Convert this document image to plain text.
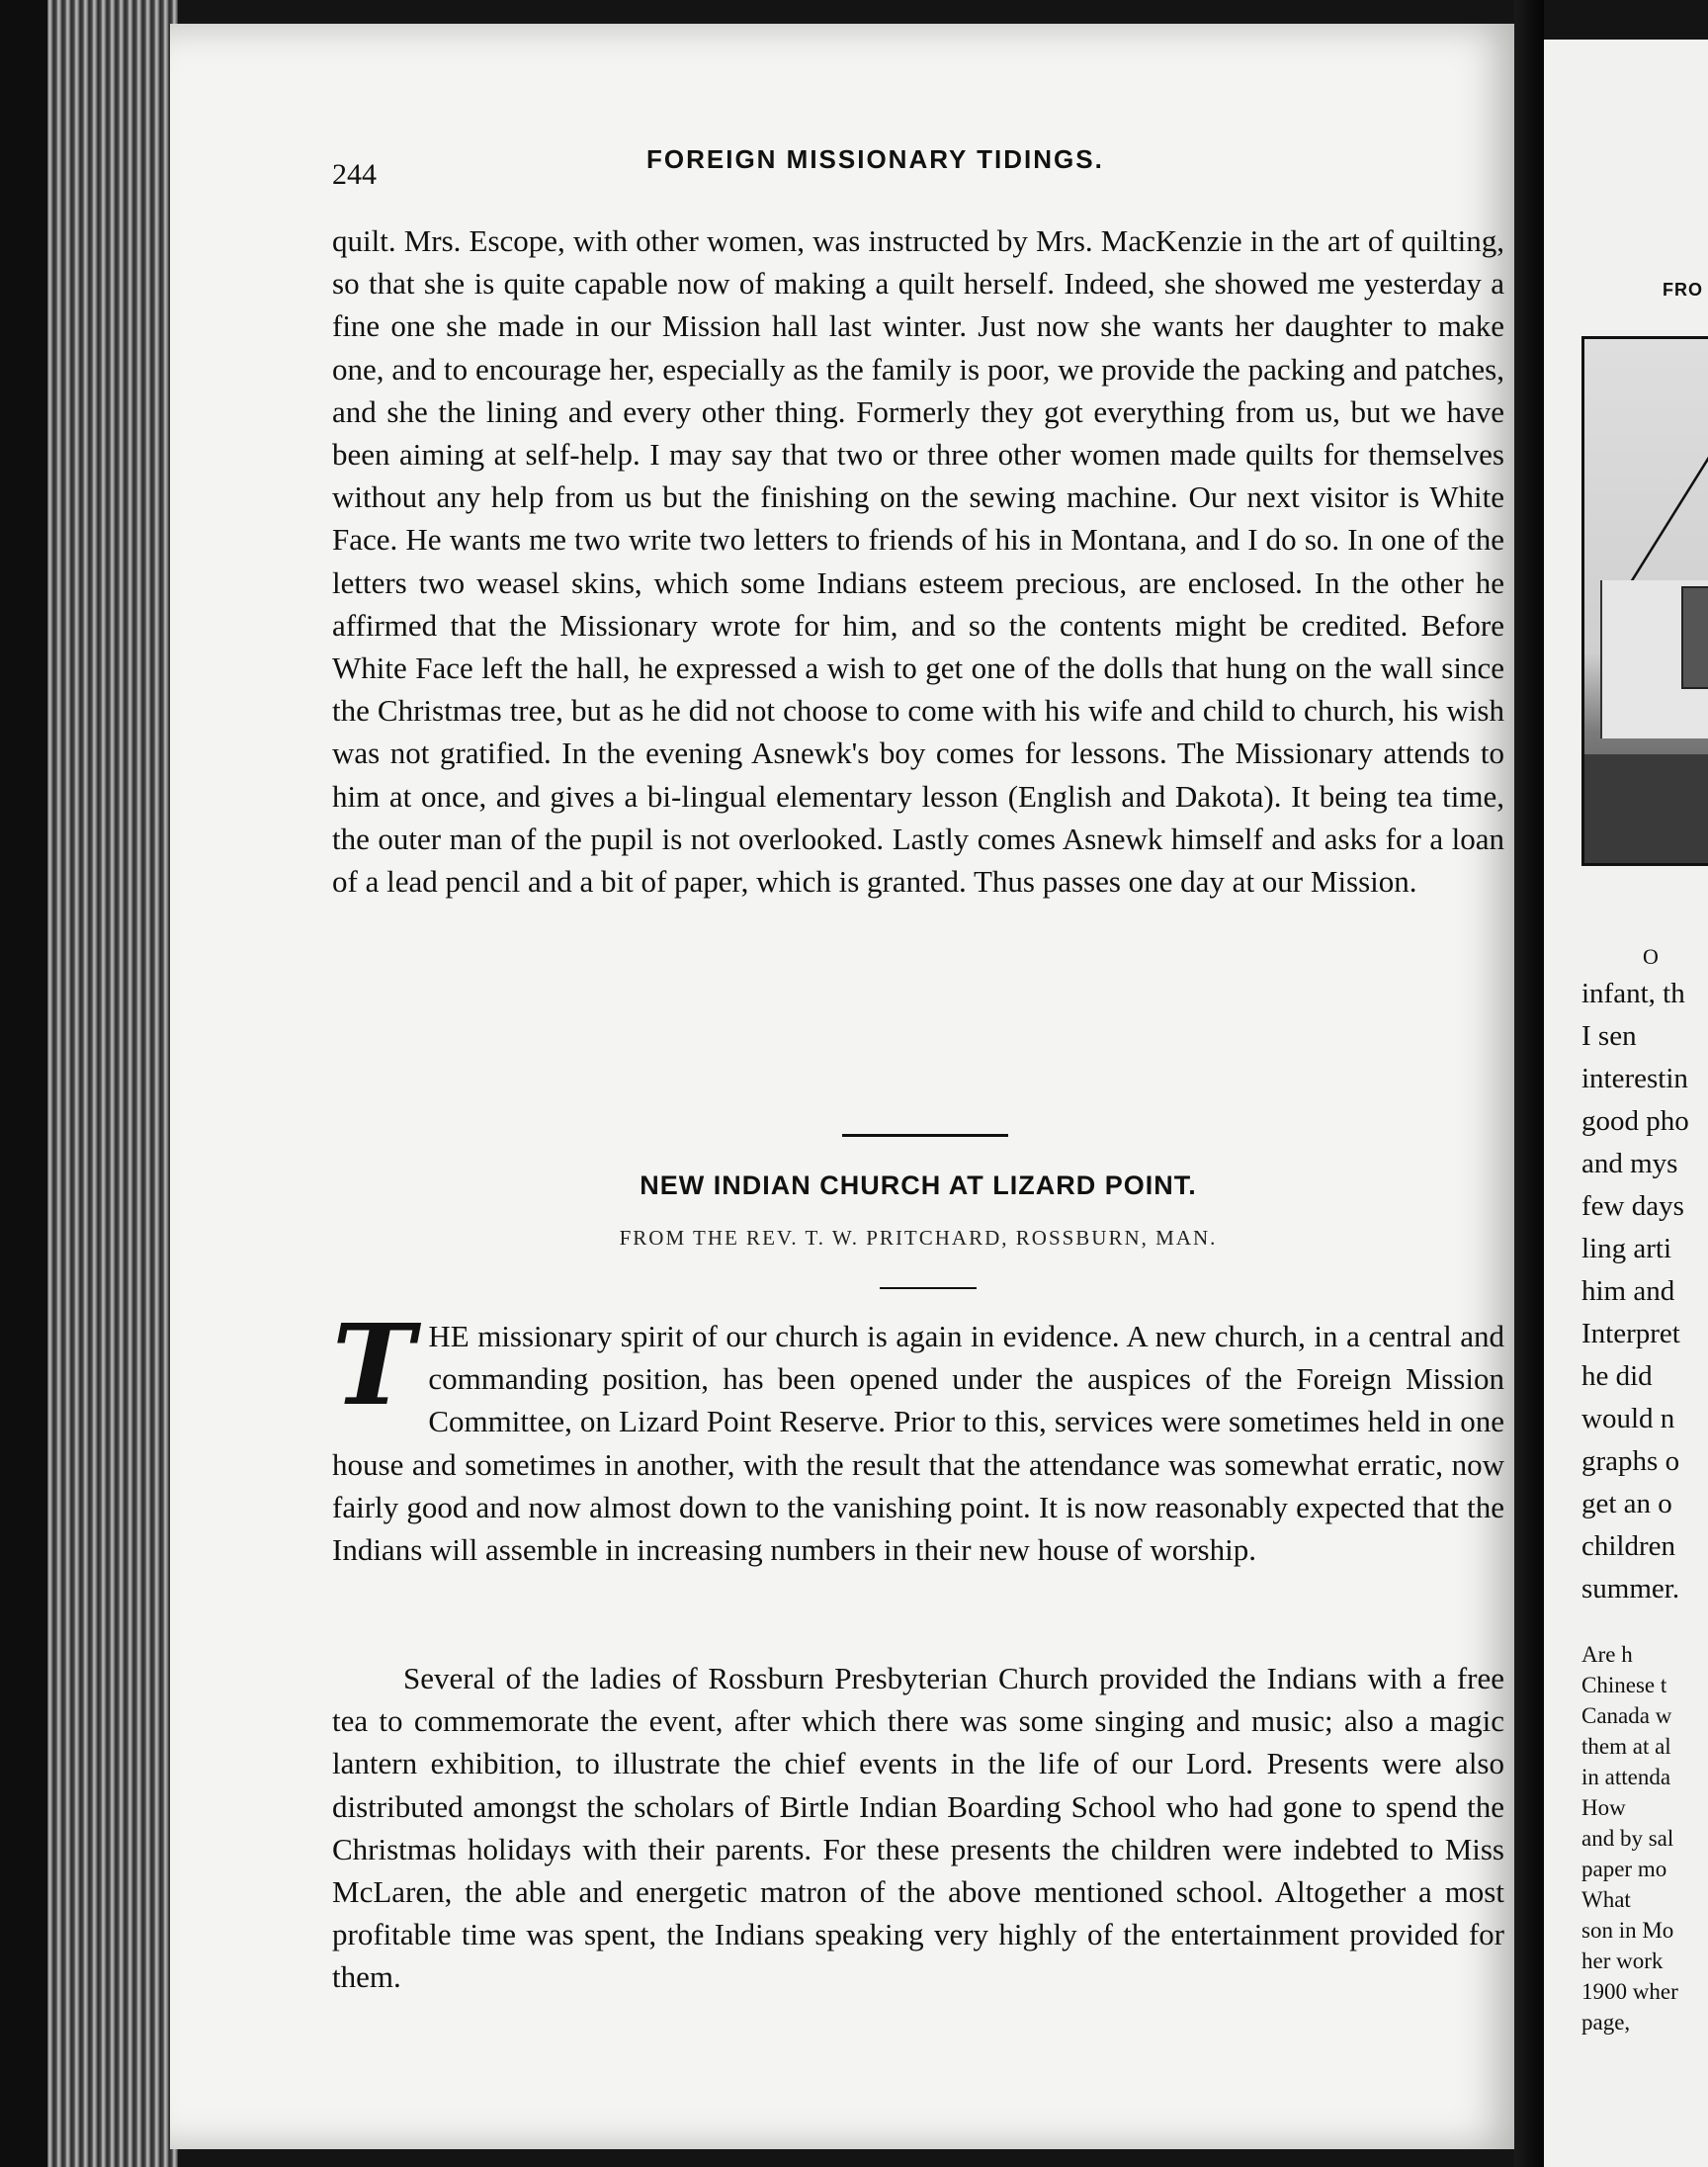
244	FOREIGN MISSIONARY TIDINGS.

quilt. Mrs. Escope, with other women, was instructed by Mrs. MacKenzie in the art of quilting, so that she is quite capable now of making a quilt herself. Indeed, she showed me yesterday a fine one she made in our Mission hall last winter. Just now she wants her daughter to make one, and to encourage her, especially as the family is poor, we provide the packing and patches, and she the lining and every other thing. Formerly they got everything from us, but we have been aiming at self-help. I may say that two or three other women made quilts for themselves without any help from us but the finishing on the sewing machine. Our next visitor is White Face. He wants me two write two letters to friends of his in Montana, and I do so. In one of the letters two weasel skins, which some Indians esteem precious, are enclosed. In the other he affirmed that the Missionary wrote for him, and so the contents might be credited. Before White Face left the hall, he expressed a wish to get one of the dolls that hung on the wall since the Christmas tree, but as he did not choose to come with his wife and child to church, his wish was not gratified. In the evening Asnewk's boy comes for lessons. The Missionary attends to him at once, and gives a bi-lingual elementary lesson (English and Dakota). It being tea time, the outer man of the pupil is not overlooked. Lastly comes Asnewk himself and asks for a loan of a lead pencil and a bit of paper, which is granted. Thus passes one day at our Mission.

NEW INDIAN CHURCH AT LIZARD POINT.
FROM THE REV. T. W. PRITCHARD, ROSSBURN, MAN.
T HE missionary spirit of our church is again in evidence. A new church, in a central and commanding position, has been opened under the auspices of the Foreign Mission Committee, on Lizard Point Reserve. Prior to this, services were sometimes held in one house and sometimes in another, with the result that the attendance was somewhat erratic, now fairly good and now almost down to the vanishing point. It is now reasonably expected that the Indians will assemble in increasing numbers in their new house of worship.
Several of the ladies of Rossburn Presbyterian Church provided the Indians with a free tea to commemorate the event, after which there was some singing and music; also a magic lantern exhibition, to illustrate the chief events in the life of our Lord. Presents were also distributed amongst the scholars of Birtle Indian Boarding School who had gone to spend the Christmas holidays with their parents. For these presents the children were indebted to Miss McLaren, the able and energetic matron of the above mentioned school. Altogether a most profitable time was spent, the Indians speaking very highly of the entertainment provided for them.
FRO
O
infant, th
I sen
interestin
good pho
and mys
few days
ling arti
him and
Interpret
he did
would n
graphs o
get an o
children
summer.
Are h
Chinese t
Canada w
them at al
in attenda
How
and by sal
paper mo
What
son in Mo
her work
1900 wher
page,
